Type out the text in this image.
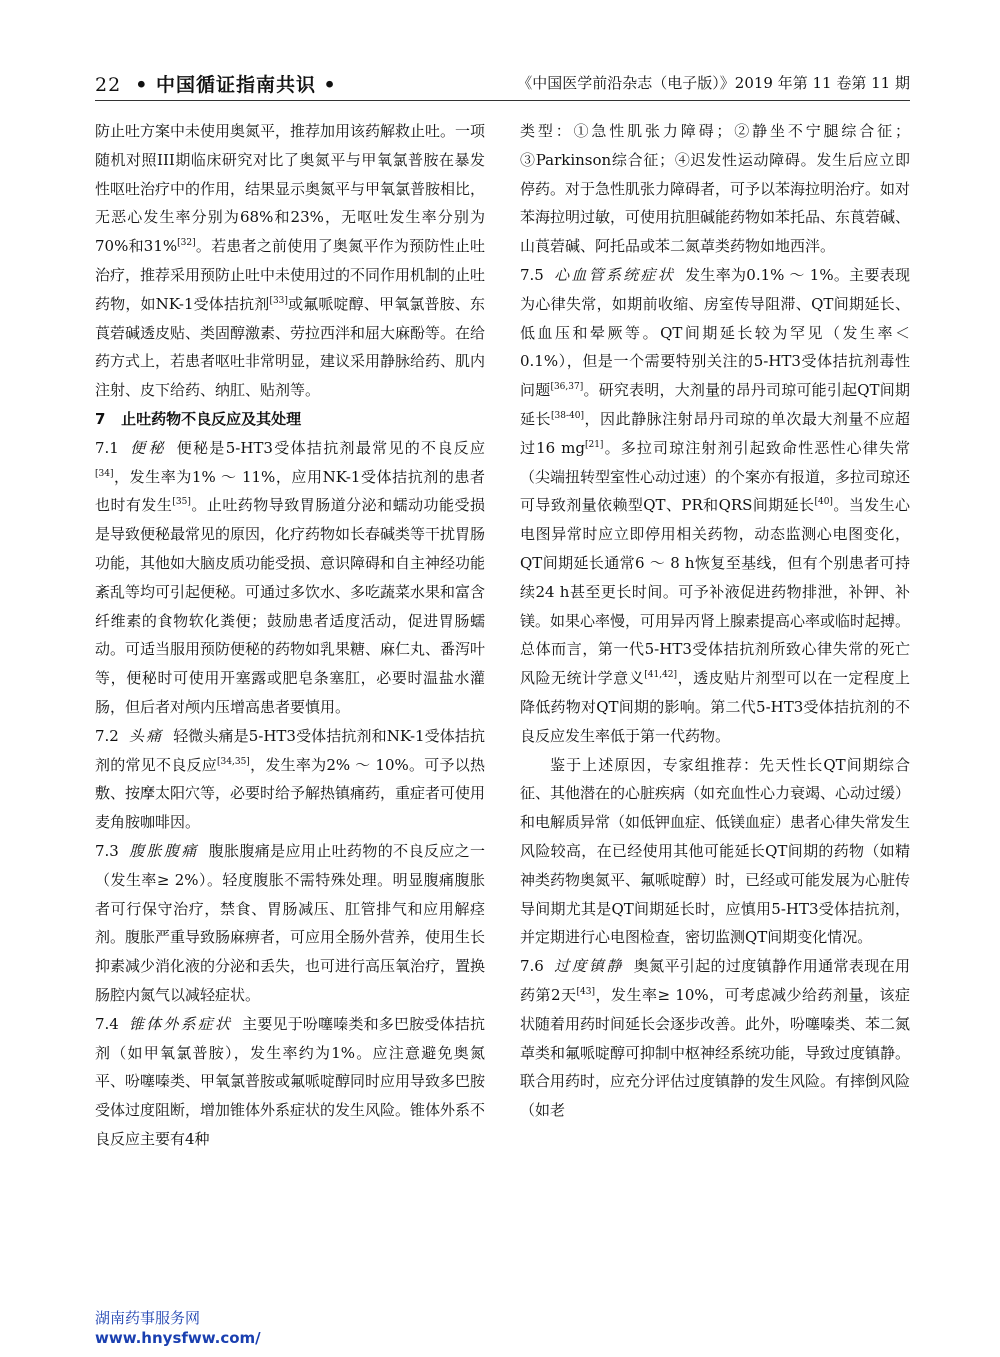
22 • 中国循证指南共识 •	《中国医学前沿杂志（电子版）》2019 年第 11 卷第 11 期

防止吐方案中未使用奥氮平，推荐加用该药解救止吐。一项随机对照III期临床研究对比了奥氮平与甲氧氯普胺在暴发性呕吐治疗中的作用，结果显示奥氮平与甲氧氯普胺相比，无恶心发生率分别为68%和23%，无呕吐发生率分别为70%和31%[32]。若患者之前使用了奥氮平作为预防性止吐治疗，推荐采用预防止吐中未使用过的不同作用机制的止吐药物，如NK-1受体拮抗剂[33]或氟哌啶醇、甲氧氯普胺、东莨菪碱透皮贴、类固醇激素、劳拉西泮和屈大麻酚等。在给药方式上，若患者呕吐非常明显，建议采用静脉给药、肌内注射、皮下给药、纳肛、贴剂等。

7 止吐药物不良反应及其处理

7.1 便秘 便秘是5-HT3受体拮抗剂最常见的不良反应[34]，发生率为1% ～ 11%，应用NK-1受体拮抗剂的患者也时有发生[35]。止吐药物导致胃肠道分泌和蠕动功能受损是导致便秘最常见的原因，化疗药物如长春碱类等干扰胃肠功能，其他如大脑皮质功能受损、意识障碍和自主神经功能紊乱等均可引起便秘。可通过多饮水、多吃蔬菜水果和富含纤维素的食物软化粪便；鼓励患者适度活动，促进胃肠蠕动。可适当服用预防便秘的药物如乳果糖、麻仁丸、番泻叶等，便秘时可使用开塞露或肥皂条塞肛，必要时温盐水灌肠，但后者对颅内压增高患者要慎用。

7.2 头痛 轻微头痛是5-HT3受体拮抗剂和NK-1受体拮抗剂的常见不良反应[34,35]，发生率为2% ～ 10%。可予以热敷、按摩太阳穴等，必要时给予解热镇痛药，重症者可使用麦角胺咖啡因。

7.3 腹胀腹痛 腹胀腹痛是应用止吐药物的不良反应之一（发生率≥ 2%）。轻度腹胀不需特殊处理。明显腹痛腹胀者可行保守治疗，禁食、胃肠减压、肛管排气和应用解痉剂。腹胀严重导致肠麻痹者，可应用全肠外营养，使用生长抑素减少消化液的分泌和丢失，也可进行高压氧治疗，置换肠腔内氮气以减轻症状。

7.4 锥体外系症状 主要见于吩噻嗪类和多巴胺受体拮抗剂（如甲氧氯普胺），发生率约为1%。应注意避免奥氮平、吩噻嗪类、甲氧氯普胺或氟哌啶醇同时应用导致多巴胺受体过度阻断，增加锥体外系症状的发生风险。锥体外系不良反应主要有4种

类型：①急性肌张力障碍；②静坐不宁腿综合征；③Parkinson综合征；④迟发性运动障碍。发生后应立即停药。对于急性肌张力障碍者，可予以苯海拉明治疗。如对苯海拉明过敏，可使用抗胆碱能药物如苯托品、东莨菪碱、山莨菪碱、阿托品或苯二氮䓬类药物如地西泮。

7.5 心血管系统症状 发生率为0.1% ～ 1%。主要表现为心律失常，如期前收缩、房室传导阻滞、QT间期延长、低血压和晕厥等。QT间期延长较为罕见（发生率＜ 0.1%），但是一个需要特别关注的5-HT3受体拮抗剂毒性问题[36,37]。研究表明，大剂量的昂丹司琼可能引起QT间期延长[38-40]，因此静脉注射昂丹司琼的单次最大剂量不应超过16 mg[21]。多拉司琼注射剂引起致命性恶性心律失常（尖端扭转型室性心动过速）的个案亦有报道，多拉司琼还可导致剂量依赖型QT、PR和QRS间期延长[40]。当发生心电图异常时应立即停用相关药物，动态监测心电图变化，QT间期延长通常6 ～ 8 h恢复至基线，但有个别患者可持续24 h甚至更长时间。可予补液促进药物排泄，补钾、补镁。如果心率慢，可用异丙肾上腺素提高心率或临时起搏。总体而言，第一代5-HT3受体拮抗剂所致心律失常的死亡风险无统计学意义[41,42]，透皮贴片剂型可以在一定程度上降低药物对QT间期的影响。第二代5-HT3受体拮抗剂的不良反应发生率低于第一代药物。

鉴于上述原因，专家组推荐：先天性长QT间期综合征、其他潜在的心脏疾病（如充血性心力衰竭、心动过缓）和电解质异常（如低钾血症、低镁血症）患者心律失常发生风险较高，在已经使用其他可能延长QT间期的药物（如精神类药物奥氮平、氟哌啶醇）时，已经或可能发展为心脏传导间期尤其是QT间期延长时，应慎用5-HT3受体拮抗剂，并定期进行心电图检查，密切监测QT间期变化情况。

7.6 过度镇静 奥氮平引起的过度镇静作用通常表现在用药第2天[43]，发生率≥ 10%，可考虑减少给药剂量，该症状随着用药时间延长会逐步改善。此外，吩噻嗪类、苯二氮䓬类和氟哌啶醇可抑制中枢神经系统功能，导致过度镇静。联合用药时，应充分评估过度镇静的发生风险。有摔倒风险（如老

湖南药事服务网
www.hnysfww.com/
